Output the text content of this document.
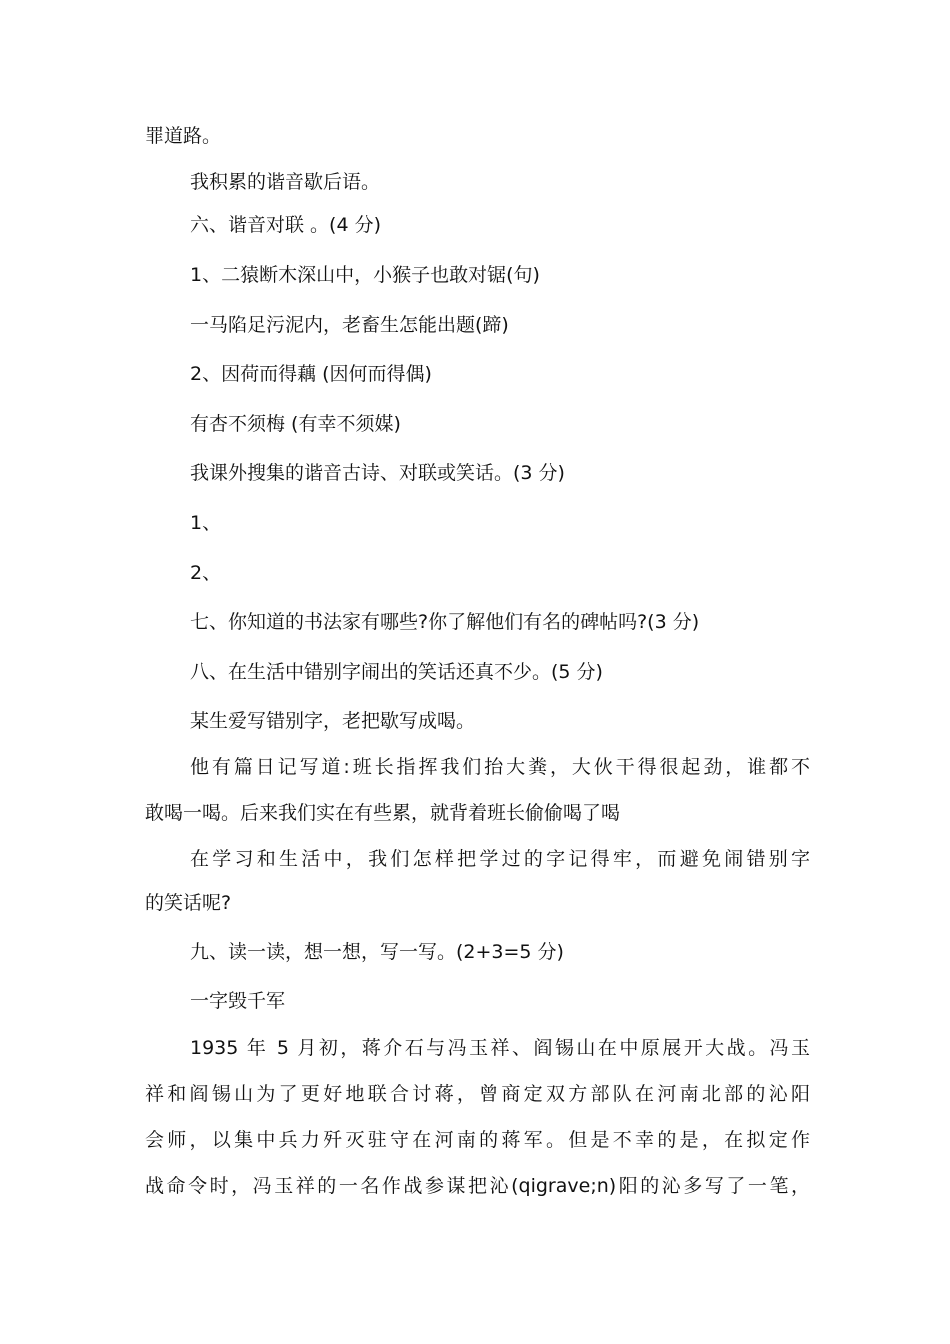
罪道路。
我积累的谐音歇后语。
六、谐音对联 。(4 分)
1、二猿断木深山中，小猴子也敢对锯(句)
一马陷足污泥内，老畜生怎能出题(蹄)
2、因荷而得藕 (因何而得偶)
有杏不须梅 (有幸不须媒)
我课外搜集的谐音古诗、对联或笑话。(3 分)
1、
2、
七、你知道的书法家有哪些?你了解他们有名的碑帖吗?(3 分)
八、在生活中错别字闹出的笑话还真不少。(5 分)
某生爱写错别字，老把歇写成喝。
他有篇日记写道:班长指挥我们抬大粪，大伙干得很起劲，谁都不
敢喝一喝。后来我们实在有些累，就背着班长偷偷喝了喝
在学习和生活中，我们怎样把学过的字记得牢，而避免闹错别字
的笑话呢?
九、读一读，想一想，写一写。(2+3=5 分)
一字毁千军
1935 年 5 月初，蒋介石与冯玉祥、阎锡山在中原展开大战。冯玉
祥和阎锡山为了更好地联合讨蒋，曾商定双方部队在河南北部的沁阳
会师，以集中兵力歼灭驻守在河南的蒋军。但是不幸的是，在拟定作
战命令时，冯玉祥的一名作战参谋把沁(qigrave;n)阳的沁多写了一笔，
